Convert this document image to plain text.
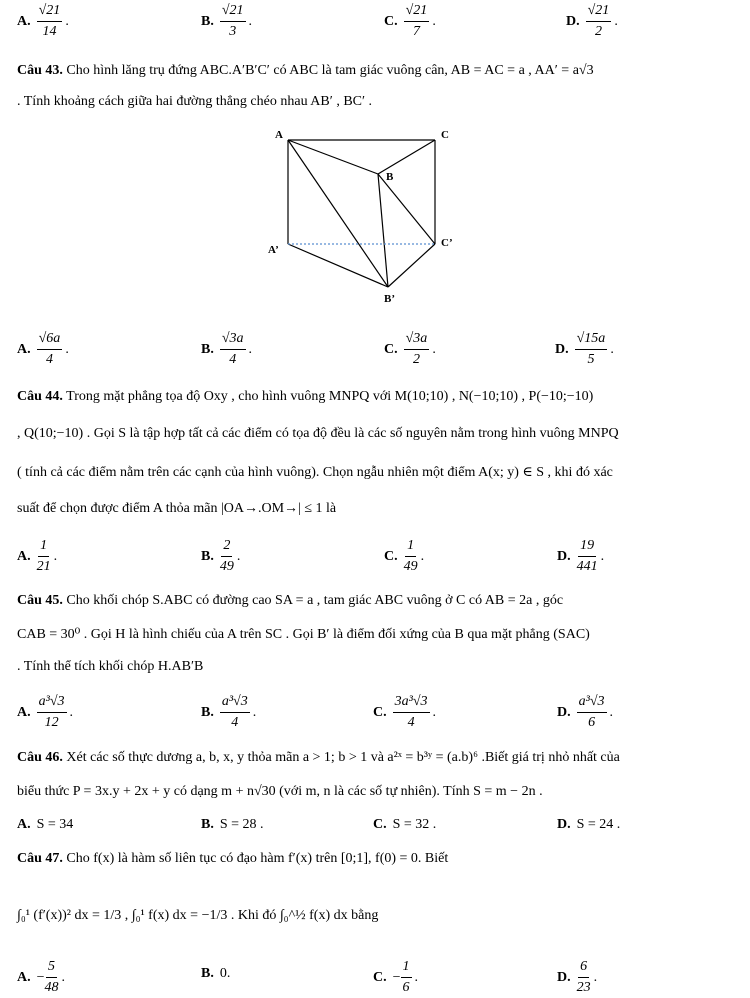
A. $\frac{√21}{14}$ .	B. $\frac{√21}{3}$ .	C. $\frac{√21}{7}$ .	D. $\frac{√21}{2}$ .
Câu 43. Cho hình lăng trụ đứng ABC.A′B′C′ có ABC là tam giác vuông cân, AB = AC = a , AA′ = a√3
. Tính khoảng cách giữa hai đường thẳng chéo nhau AB′ , BC′ .
A	C
B
A’
C’
B’
A. $\frac{√6a}{4}$ .	B. $\frac{√3a}{4}$ .	C. $\frac{√3a}{2}$ .	D. $\frac{√15a}{5}$ .
Câu 44. Trong mặt phẳng tọa độ Oxy , cho hình vuông MNPQ với M(10;10) , N(−10;10) , P(−10;−10)
, Q(10;−10) . Gọi S là tập hợp tất cả các điểm có tọa độ đều là các số nguyên nằm trong hình vuông MNPQ
( tính cả các điểm nằm trên các cạnh của hình vuông). Chọn ngẫu nhiên một điểm A(x; y) ∈ S , khi đó xác
suất để chọn được điểm A thỏa mãn |OA→.OM→| ≤ 1 là
A. $\frac{1}{21}$ .	B. $\frac{2}{49}$ .	C. $\frac{1}{49}$ .	D. $\frac{19}{441}$ .
Câu 45. Cho khối chóp S.ABC có đường cao SA = a , tam giác ABC vuông ở C có AB = 2a , góc
CAB = 30⁰ . Gọi H là hình chiếu của A trên SC . Gọi B′ là điểm đối xứng của B qua mặt phẳng (SAC)
. Tính thể tích khối chóp H.AB′B
A. $\frac{\text{a³√3}}{12}$ .	B. $\frac{\text{a³√3}}{4}$ .	C. $\frac{\text{3a³√3}}{4}$ .	D. $\frac{\text{a³√3}}{6}$ .
Câu 46. Xét các số thực dương a, b, x, y thỏa mãn a > 1; b > 1 và a²ˣ = b³ʸ = (a.b)⁶ .Biết giá trị nhỏ nhất của
biểu thức P = 3x.y + 2x + y có dạng m + n√30 (với m, n là các số tự nhiên). Tính S = m − 2n .
A. S = 34	B. S = 28 .	C. S = 32 .	D. S = 24 .
Câu 47. Cho f(x) là hàm số liên tục có đạo hàm f′(x) trên [0;1], f(0) = 0. Biết
∫₀¹ (f′(x))² dx = 1/3 , ∫₀¹ f(x) dx = −1/3 . Khi đó ∫₀^½ f(x) dx bằng
A. − $\frac{5}{48}$ .	B. 0.	C. − $\frac{1}{6}$ .	D. $\frac{6}{23}$ .
